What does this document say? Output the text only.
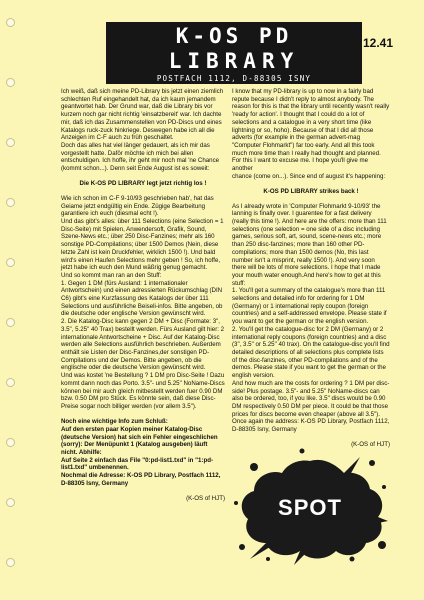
K-OS PD
LIBRARY
POSTFACH 1112, D-88305 ISNY
12.41

Ich weiß, daß sich meine PD-Library bis jetzt einen ziemlich schlechten Ruf eingehandelt hat, da ich kaum jemandem geantwortet hab. Der Grund war, daß die Library bis vor kurzem noch gar nicht richtig 'einsatzbereit' war. Ich dachte mir, daß ich das Zusammenstellen von PD-Discs und eines Katalogs ruck-zuck hinkriege. Deswegen habe ich all die Anzeigen im C-F auch zu früh geschaltet.
Doch das alles hat viel länger gedauert, als ich mir das vorgestellt hatte. Daför möchte ich mich bei allen entschuldigen. Ich hoffe, ihr geht mir noch mal 'ne Chance (kommt schon...). Denn seit Ende August ist es soweit:

Die K-OS PD LIBRARY legt jetzt richtig los !

Wie ich schon im C-F 9-10/93 geschrieben hab', hat das Geiame jetzt endgültig ein Ende. Zügige Bearbeitung garantiere ich euch (diesmal echt !).
Und das gibt's alles: über 111 Selections (eine Selection = 1 Disc-Seite) mit Spielen, Anwendersoft, Grafik, Sound, Szene-News etc.; über 250 Disc-Fanzines; mehr als 160 sonstige PD-Compilations; über 1500 Demos (Nein, diese letzte Zahl ist kein Druckfehler, wirklich 1500 !). Und bald wird's einen Haufen Selections mehr geben ! So, ich hoffe, jetzt habe ich euch den Mund wäßrig genug gemacht.
Und so kommt man ran an den Stuff:
1. Gegen 1 DM (fürs Ausland: 1 internationaler Antwortschein) und einen adressierten Rückumschlag (DIN C6) gibt's eine Kurzfassung des Katalogs der über 111 Selections und ausführliche Beiseli-infos. Bitte angeben, ob die deutsche oder englische Version gewünscht wird.
2. Die Katalog-Disc kann gegen 2 DM + Disc (Formate: 3", 3.5", 5.25" 40 Trax) bestellt werden. Fürs Ausland gilt hier: 2 internationale Antwortscheine + Disc. Auf der Katalog-Disc werden alle Selections ausführlich beschrieben. Außerdem enthält sie Listen der Disc-Fanzines,der sonstigen PD-Compilations und der Demos. Bitte angeben, ob die englische oder die deutsche Version gewünscht wird.
Und was kostet 'ne Bestellung ? 1 DM pro Disc-Seite ! Dazu kommt dann noch das Porto. 3.5"- und 5.25" NoName-Discs können bei mir auch gleich mitbestellt werden fuer 0.90 DM bzw. 0.50 DM pro Stück. Es könnte sein, daß diese Disc-Preise sogar noch billiger werden (vor allem 3.5").

Noch eine wichtige Info zum Schluß:
Auf den ersten paar Kopien meiner Katalog-Disc (deutsche Version) hat sich ein Fehler eingeschlichen (sorry): Der Menüpunkt 1 (Katalog ausgeben) läuft nicht. Abhilfe:
Auf Seite 2 einfach das File "0:pd-list1.txd" in "1:pd-list1.txd" umbenennen.
Nochmal die Adresse: K-OS PD Library, Postfach 1112, D-88305 Isny, Germany

(K-OS of HJT)

I know that my PD-library is up to now in a fairly bad repute because I didn't reply to almost anybody. The reason for this is that the library until recently wasn't really 'ready for action'. I thought that I could do a lot of selections and a catalogue in a very short time (like lightning or so, hoho). Because of that I did all those adverts (for example in the german advert-mag "Computer Flohmarkt") far too early. And all this took much more time than I really had thought and planned. For this I want to excuse me. I hope you'll give me another
chance (come on...). Since end of august it's happening:

K-OS PD LIBRARY strikes back !

As I already wrote in 'Computer Flohmarkt 9-10/93' the lanning is finally over. I guarentee for a fast delivery (really this time !). And here are the offers: more than 111 selections (one selection = one side of a disc including games, serious soft, art, sound, scene-news etc.; more than 250 disc-fanzines; more than 160 other PD-compilations; more than 1500 demos (No, this last number isn't a misprint, really 1500 !). And very soon there will be lots of more selections. I hope that I made your mouth water enough.And here's how to get at this stuff:
1. You'll get a summary of the catalogue's more than 111 selections and detailed info for ordering for 1 DM (Germany) or 1 international reply coupon (foreign countries) and a self-addressed envelope. Please state if you want to get the german or the english version.
2. You'll get the catalogue-disc for 2 DM (Germany) or 2 international reply coupons (foreign countries) and a disc (3", 3.5" or 5.25" 40 trax). On the catalogue-disc you'll find detailed descriptions of all selections plus complete lists of the disc-fanzines, other PD-compilations and of the demos. Please state if you want to get the german or the english version.
And how much are the costs for ordering ? 1 DM per disc-side! Plus postage. 3.5"- and 5.25" NoName-discs can also be ordered, too, if you like. 3.5" discs would be 0.90 DM respectively 0.50 DM per piece. It could be that those prices for discs become even cheaper (above all 3.5").
Once again the address: K-OS PD Library, Postfach 1112, D-88305 Isny, Germany

(K-OS of HJT)

SPOT
